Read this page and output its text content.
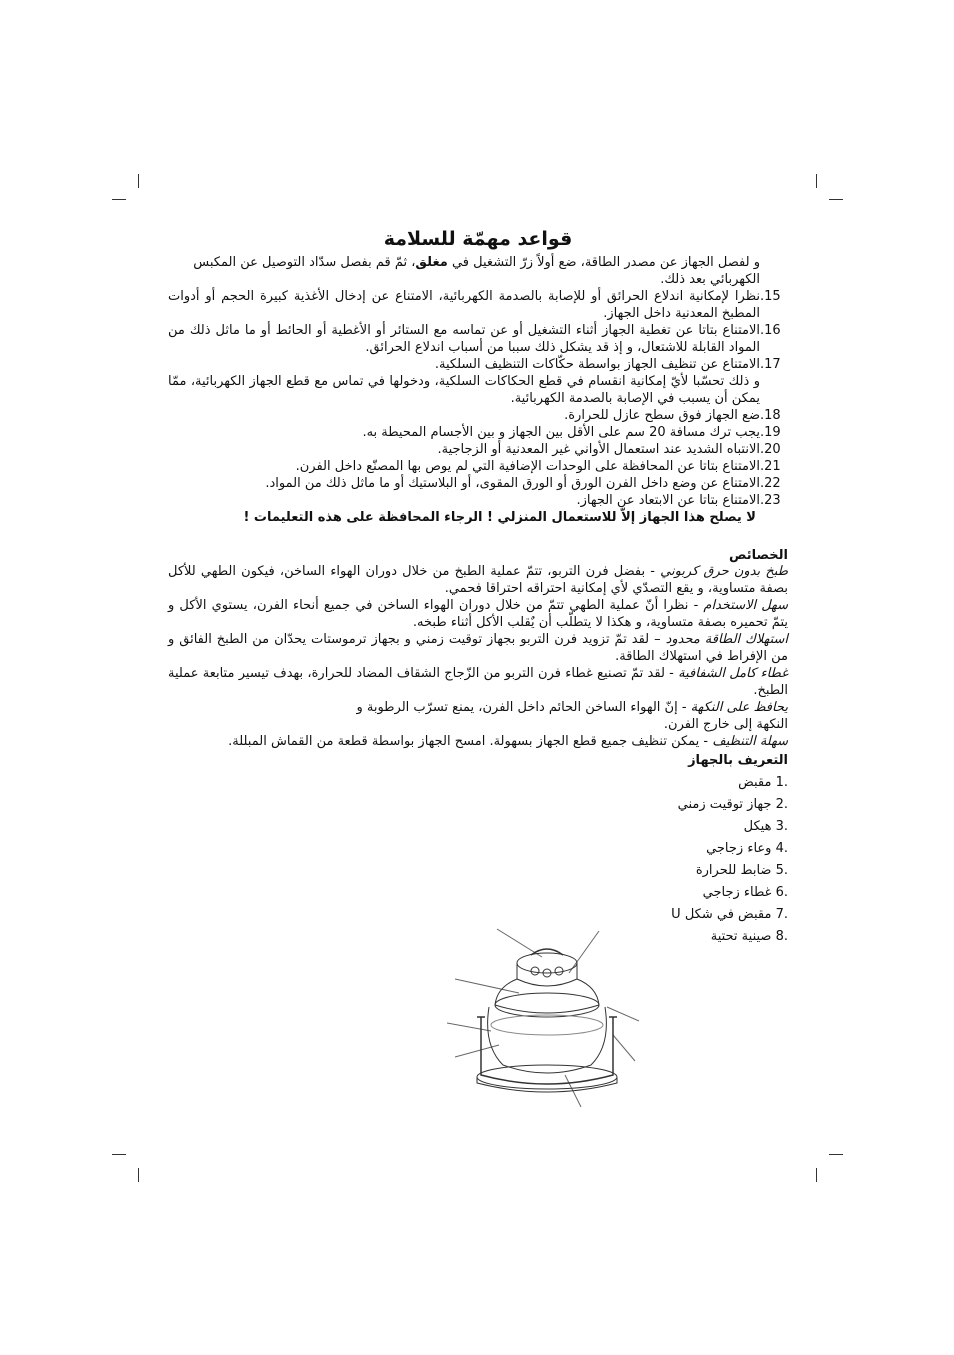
قواعد مهمّة للسلامة

و لفصل الجهاز عن مصدر الطاقة، ضع أولاً زرّ التشغيل في مغلق، ثمّ قم بفصل سدّاد التوصيل عن المكبس الكهربائي بعد ذلك.

.15
نظرا لإمكانية اندلاع الحرائق أو للإصابة بالصدمة الكهربائية، الامتناع عن إدخال الأغذية كبيرة الحجم أو أدوات المطبخ المعدنية داخل الجهاز.
.16
الامتناع بتاتا عن تغطية الجهاز أثناء التشغيل أو عن تماسه مع الستائر أو الأغطية أو الحائط أو ما ماثل ذلك من المواد القابلة للاشتعال، و إذ قد يشكل ذلك سببا من أسباب اندلاع الحرائق.
.17
الامتناع عن تنظيف الجهاز بواسطة حكّاكات التنظيف السلكية.

و ذلك تحسّبا لأيّ إمكانية انقسام في قطع الحكاكات السلكية، ودخولها في تماس مع قطع الجهاز الكهربائية، ممّا يمكن أن يسبب في الإصابة بالصدمة الكهربائية.

.18
ضع الجهاز فوق سطح عازل للحرارة.
.19
يجب ترك مسافة 20 سم على الأقل بين الجهاز و بين الأجسام المحيطة به.
.20
الانتباه الشديد عند استعمال الأواني غير المعدنية أو الزجاجية.
.21
الامتناع بتاتا عن المحافظة على الوحدات الإضافية التي لم يوص بها المصنّع داخل الفرن.
.22
الامتناع عن وضع داخل الفرن الورق أو الورق المقوى، أو البلاستيك أو ما ماثل ذلك من المواد.
.23
الامتناع بتاتا عن الابتعاد عن الجهاز.
لا يصلح هذا الجهاز إلاّ للاستعمال المنزلي ! الرجاء المحافظة على هذه التعليمات !
الخصائص

طبخ بدون حرق كربوني - بفضل فرن التربو، تتمّ عملية الطبخ من خلال دوران الهواء الساخن، فيكون الطهي للأكل بصفة متساوية، و يقع التصدّي لأي إمكانية احتراقه احتراقا فحمي.

سهل الاستخدام - نظرا أنّ عملية الطهي تتمّ من خلال دوران الهواء الساخن في جميع أنحاء الفرن، يستوي الأكل و يتمّ تحميره بصفة متساوية، و هكذا لا يتطلّب أن يٌقلب الأكل أثناء طبخه.

استهلاك الطاقة محدود – لقد تمّ تزويد فرن التربو بجهاز توقيت زمني و بجهاز ترموستات يحدّان من الطبخ الفائق و من الإفراط في استهلاك الطاقة.

غطاء كامل الشفافية - لقد تمّ تصنيع غطاء فرن التربو من الزّجاج الشقاف المضاد للحرارة، بهدف تيسير متابعة عملية الطبخ.

يحافظ على النكهة - إنّ الهواء الساخن الحائم داخل الفرن، يمنع تسرّب الرطوبة و النكهة إلى خارج الفرن.

سهلة التنظيف - يمكن تنظيف جميع قطع الجهاز بسهولة. امسح الجهاز بواسطة قطعة من القماش المبللة.

التعريف بالجهاز
1. مقبض
2. جهاز توقيت زمني
3. هيكل
4. وعاء زجاجي
5. ضابط للحرارة
6. غطاء زجاجي
7. مقبض في شكل U
8. صينية تحتية
